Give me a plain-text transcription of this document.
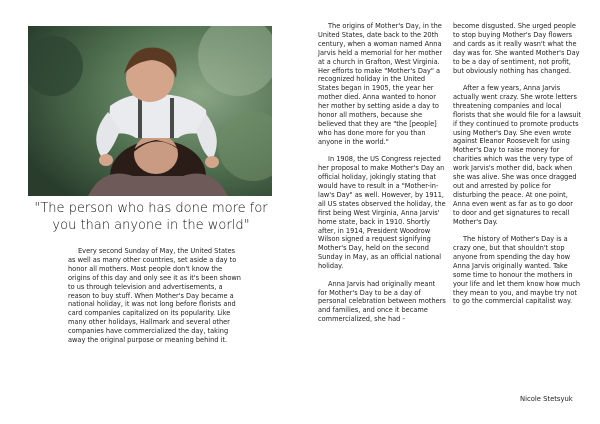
"The person who has done more for you than anyone in the world"

Every second Sunday of May, the United States as well as many other countries, set aside a day to honor all mothers. Most people don't know the origins of this day and only see it as it's been shown to us through television and advertisements, a reason to buy stuff. When Mother's Day became a national holiday, it was not long before florists and card companies capitalized on its popularity. Like many other holidays, Hallmark and several other companies have commercialized the day, taking away the original purpose or meaning behind it.

The origins of Mother's Day, in the United States, date back to the 20th century, when a woman named Anna Jarvis held a memorial for her mother at a church in Grafton, West Virginia. Her efforts to make "Mother's Day" a recognized holiday in the United States began in 1905, the year her mother died. Anna wanted to honor her mother by setting aside a day to honor all mothers, because she believed that they are "the [people] who has done more for you than anyone in the world."

In 1908, the US Congress rejected her proposal to make Mother's Day an official holiday, jokingly stating that would have to result in a "Mother-in-law's Day" as well. However, by 1911, all US states observed the holiday, the first being West Virginia, Anna Jarvis' home state, back in 1910. Shortly after, in 1914, President Woodrow Wilson signed a request signifying Mother's Day, held on the second Sunday in May, as an official national holiday.

Anna Jarvis had originally meant for Mother's Day to be a day of personal celebration between mothers and families, and once it became commercialized, she had -

become disgusted. She urged people to stop buying Mother's Day flowers and cards as it really wasn't what the day was for. She wanted Mother's Day to be a day of sentiment, not profit, but obviously nothing has changed.

After a few years, Anna Jarvis actually went crazy. She wrote letters threatening companies and local florists that she would file for a lawsuit if they continued to promote products using Mother's Day. She even wrote against Eleanor Roosevelt for using Mother's Day to raise money for charities which was the very type of work Jarvis's mother did, back when she was alive. She was once dragged out and arrested by police for disturbing the peace. At one point, Anna even went as far as to go door to door and get signatures to recall Mother's Day.

The history of Mother's Day is a crazy one, but that shouldn't stop anyone from spending the day how Anna Jarvis originally wanted. Take some time to honour the mothers in your life and let them know how much they mean to you, and maybe try not to go the commercial capitalist way.

Nicole Stetsyuk
